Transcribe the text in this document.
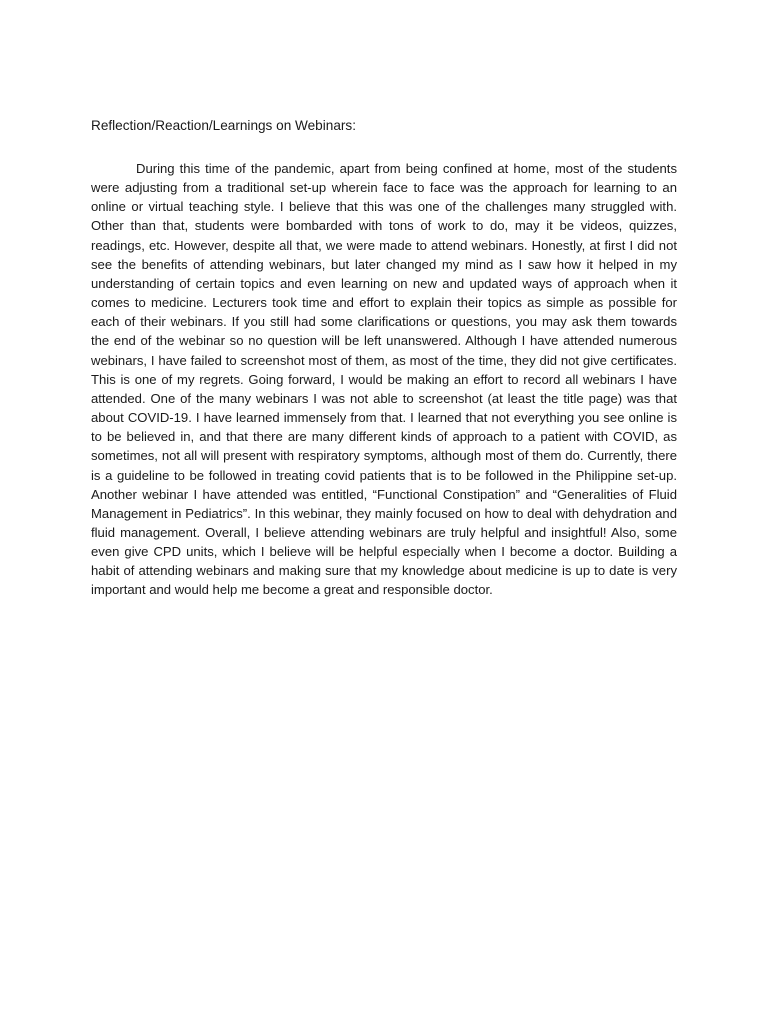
Reflection/Reaction/Learnings on Webinars:

During this time of the pandemic, apart from being confined at home, most of the students were adjusting from a traditional set-up wherein face to face was the approach for learning to an online or virtual teaching style. I believe that this was one of the challenges many struggled with. Other than that, students were bombarded with tons of work to do, may it be videos, quizzes, readings, etc. However, despite all that, we were made to attend webinars. Honestly, at first I did not see the benefits of attending webinars, but later changed my mind as I saw how it helped in my understanding of certain topics and even learning on new and updated ways of approach when it comes to medicine. Lecturers took time and effort to explain their topics as simple as possible for each of their webinars. If you still had some clarifications or questions, you may ask them towards the end of the webinar so no question will be left unanswered. Although I have attended numerous webinars, I have failed to screenshot most of them, as most of the time, they did not give certificates. This is one of my regrets. Going forward, I would be making an effort to record all webinars I have attended. One of the many webinars I was not able to screenshot (at least the title page) was that about COVID-19. I have learned immensely from that. I learned that not everything you see online is to be believed in, and that there are many different kinds of approach to a patient with COVID, as sometimes, not all will present with respiratory symptoms, although most of them do. Currently, there is a guideline to be followed in treating covid patients that is to be followed in the Philippine set-up. Another webinar I have attended was entitled, “Functional Constipation” and “Generalities of Fluid Management in Pediatrics”. In this webinar, they mainly focused on how to deal with dehydration and fluid management. Overall, I believe attending webinars are truly helpful and insightful! Also, some even give CPD units, which I believe will be helpful especially when I become a doctor. Building a habit of attending webinars and making sure that my knowledge about medicine is up to date is very important and would help me become a great and responsible doctor.
